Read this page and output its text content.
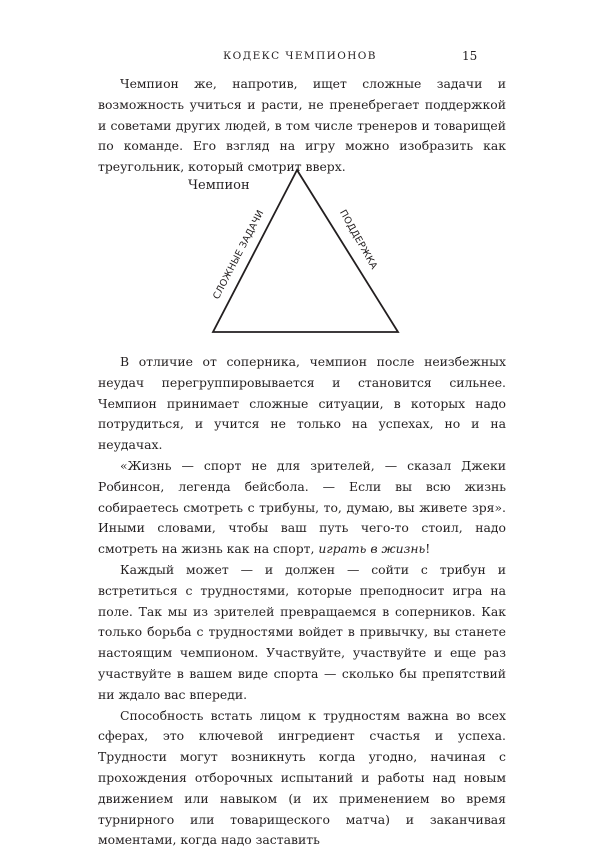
КОДЕКС ЧЕМПИОНОВ	15

Чемпион же, напротив, ищет сложные задачи и возможность учиться и расти, не пренебрегает поддержкой и советами других людей, в том числе тренеров и товарищей по команде. Его взгляд на игру можно изобразить как треугольник, который смотрит вверх.

Чемпион
СЛОЖНЫЕ ЗАДАЧИ	ПОДДЕРЖКА

В отличие от соперника, чемпион после неизбежных неудач перегруппировывается и становится сильнее. Чемпион принимает сложные ситуации, в которых надо потрудиться, и учится не только на успехах, но и на неудачах.

«Жизнь — спорт не для зрителей, — сказал Джеки Робинсон, легенда бейсбола. — Если вы всю жизнь собираетесь смотреть с трибуны, то, думаю, вы живете зря». Иными словами, чтобы ваш путь чего-то стоил, надо смотреть на жизнь как на спорт, играть в жизнь!

Каждый может — и должен — сойти с трибун и встретиться с трудностями, которые преподносит игра на поле. Так мы из зрителей превращаемся в соперников. Как только борьба с трудностями войдет в привычку, вы станете настоящим чемпионом. Участвуйте, участвуйте и еще раз участвуйте в вашем виде спорта — сколько бы препятствий ни ждало вас впереди.

Способность встать лицом к трудностям важна во всех сферах, это ключевой ингредиент счастья и успеха. Трудности могут возникнуть когда угодно, начиная с прохождения отборочных испытаний и работы над новым движением или навыком (и их применением во время турнирного или товарищеского матча) и заканчивая моментами, когда надо заставить
